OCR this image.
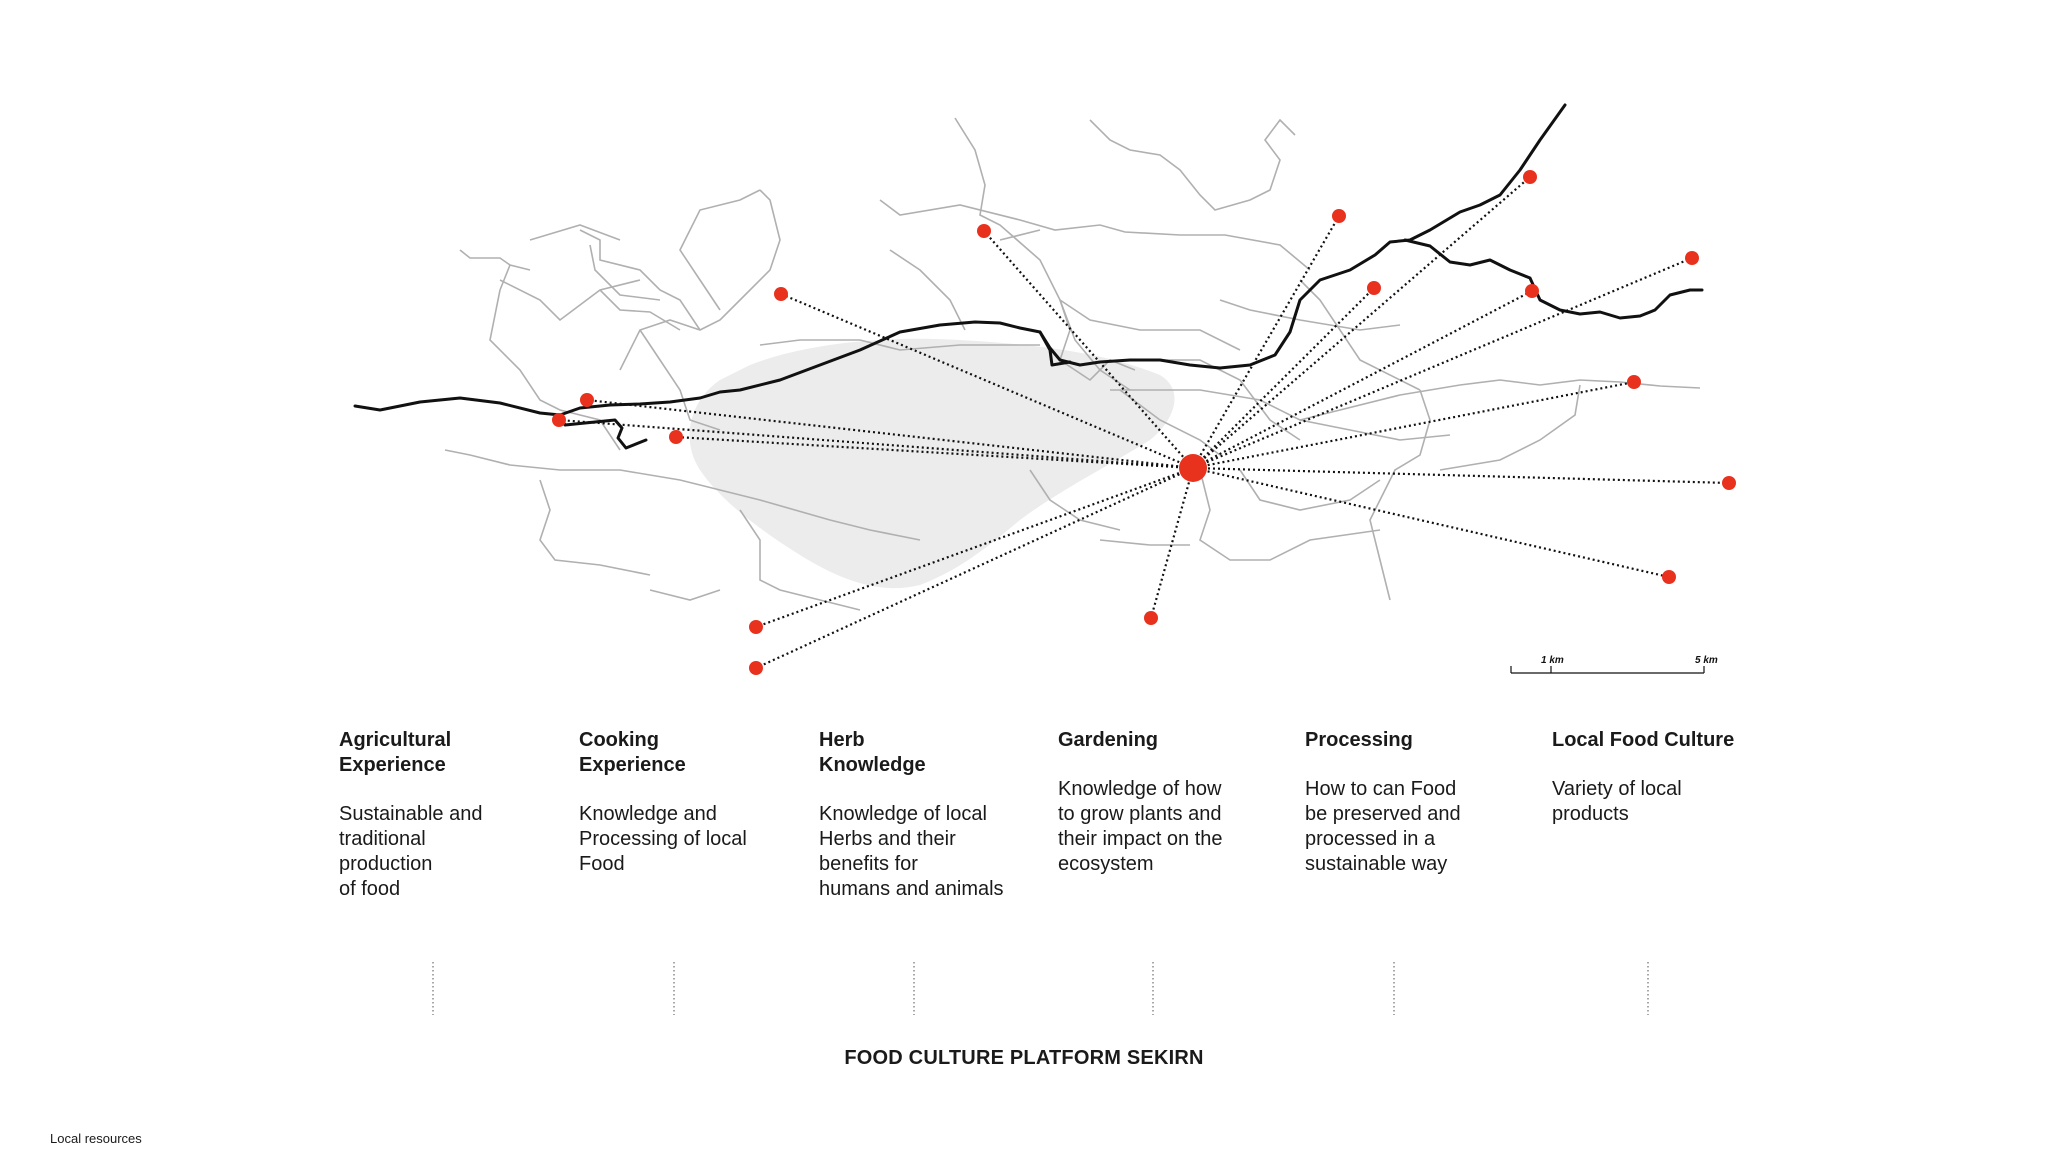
1 km	5 km

Agricultural
Experience

Sustainable and
traditional
production
of food

Cooking
Experience

Knowledge and
Processing of local
Food

Herb
Knowledge

Knowledge of local
Herbs and their
benefits for
humans and animals

Gardening

Knowledge of how
to grow plants and
their impact on the
ecosystem

Processing

How to can Food
be preserved and
processed in a
sustainable way

Local Food Culture

Variety of local
products

FOOD CULTURE PLATFORM SEKIRN
Local resources
